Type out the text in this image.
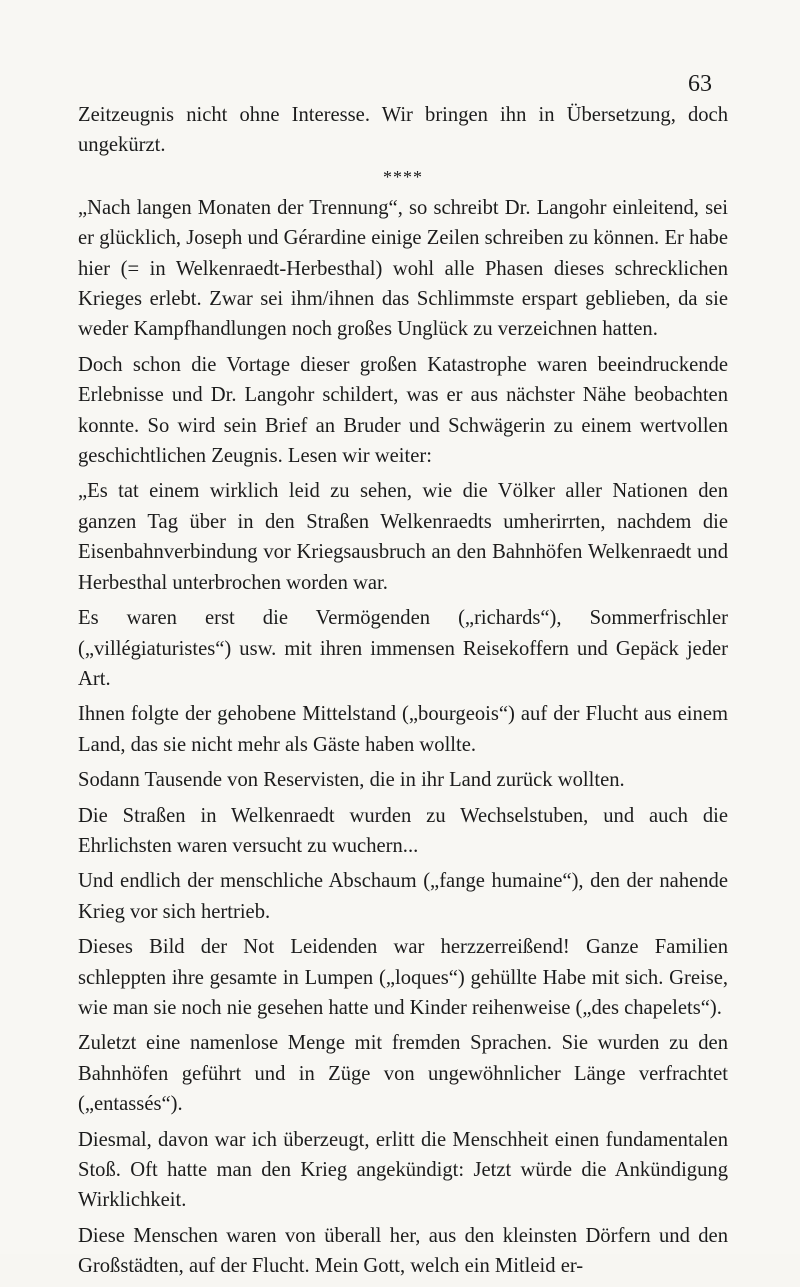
63

Zeitzeugnis nicht ohne Interesse. Wir bringen ihn in Übersetzung, doch ungekürzt.

****

„Nach langen Monaten der Trennung“, so schreibt Dr. Langohr einleitend, sei er glücklich, Joseph und Gérardine einige Zeilen schreiben zu können. Er habe hier (= in Welkenraedt-Herbesthal) wohl alle Phasen dieses schrecklichen Krieges erlebt. Zwar sei ihm/ihnen das Schlimmste erspart geblieben, da sie weder Kampfhandlungen noch großes Unglück zu verzeichnen hatten.

Doch schon die Vortage dieser großen Katastrophe waren beeindruckende Erlebnisse und Dr. Langohr schildert, was er aus nächster Nähe beobachten konnte. So wird sein Brief an Bruder und Schwägerin zu einem wertvollen geschichtlichen Zeugnis. Lesen wir weiter:

„Es tat einem wirklich leid zu sehen, wie die Völker aller Nationen den ganzen Tag über in den Straßen Welkenraedts umherirrten, nachdem die Eisenbahnverbindung vor Kriegsausbruch an den Bahnhöfen Welkenraedt und Herbesthal unterbrochen worden war.

Es waren erst die Vermögenden („richards“), Sommerfrischler („villégiaturistes“) usw. mit ihren immensen Reisekoffern und Gepäck jeder Art.

Ihnen folgte der gehobene Mittelstand („bourgeois“) auf der Flucht aus einem Land, das sie nicht mehr als Gäste haben wollte.

Sodann Tausende von Reservisten, die in ihr Land zurück wollten.

Die Straßen in Welkenraedt wurden zu Wechselstuben, und auch die Ehrlichsten waren versucht zu wuchern...

Und endlich der menschliche Abschaum („fange humaine“), den der nahende Krieg vor sich hertrieb.

Dieses Bild der Not Leidenden war herzzerreißend! Ganze Familien schleppten ihre gesamte in Lumpen („loques“) gehüllte Habe mit sich. Greise, wie man sie noch nie gesehen hatte und Kinder reihenweise („des chapelets“).

Zuletzt eine namenlose Menge mit fremden Sprachen. Sie wurden zu den Bahnhöfen geführt und in Züge von ungewöhnlicher Länge verfrachtet („entassés“).

Diesmal, davon war ich überzeugt, erlitt die Menschheit einen fundamentalen Stoß. Oft hatte man den Krieg angekündigt: Jetzt würde die Ankündigung Wirklichkeit.

Diese Menschen waren von überall her, aus den kleinsten Dörfern und den Großstädten, auf der Flucht. Mein Gott, welch ein Mitleid er-
